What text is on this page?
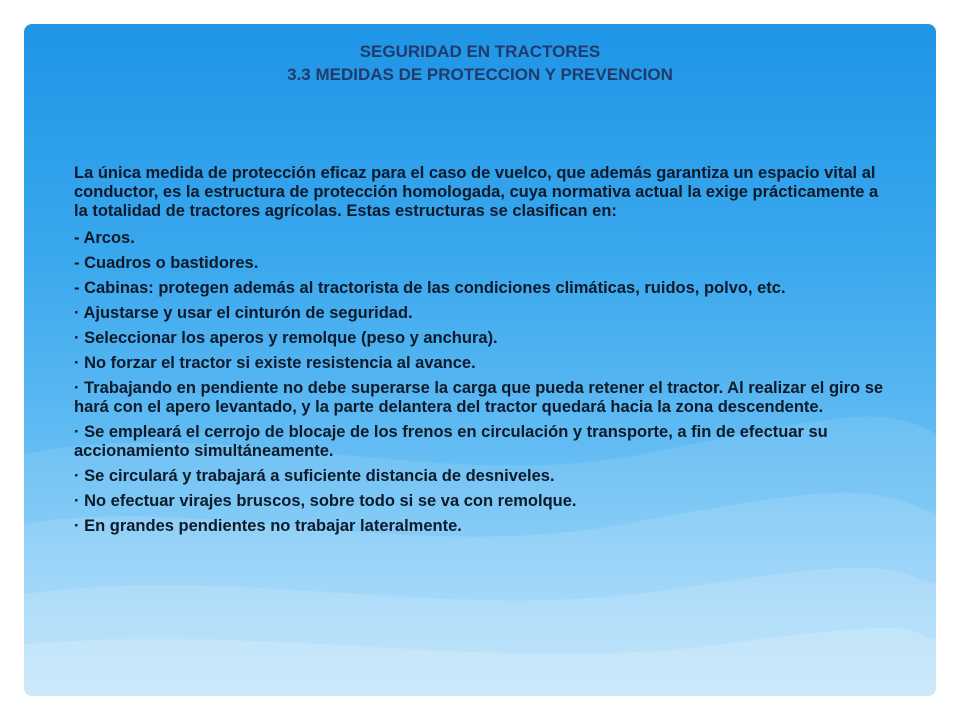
SEGURIDAD EN TRACTORES
3.3 MEDIDAS DE PROTECCION Y PREVENCION

La única medida de protección eficaz para el caso de vuelco, que además garantiza un espacio vital al conductor, es la estructura de protección homologada, cuya normativa actual la exige prácticamente a la totalidad de tractores agrícolas. Estas estructuras se clasifican en:

- Arcos.

- Cuadros o bastidores.

- Cabinas: protegen además al tractorista de las condiciones climáticas, ruidos, polvo, etc.

· Ajustarse y usar el cinturón de seguridad.

· Seleccionar los aperos y remolque (peso y anchura).

· No forzar el tractor si existe resistencia al avance.

· Trabajando en pendiente no debe superarse la carga que pueda retener el tractor. Al realizar el giro se hará con el apero levantado, y la parte delantera del tractor quedará hacia la zona descendente.

· Se empleará el cerrojo de blocaje de los frenos en circulación y transporte, a fin de efectuar su accionamiento simultáneamente.

· Se circulará y trabajará a suficiente distancia de desniveles.

· No efectuar virajes bruscos, sobre todo si se va con remolque.

· En grandes pendientes no trabajar lateralmente.
